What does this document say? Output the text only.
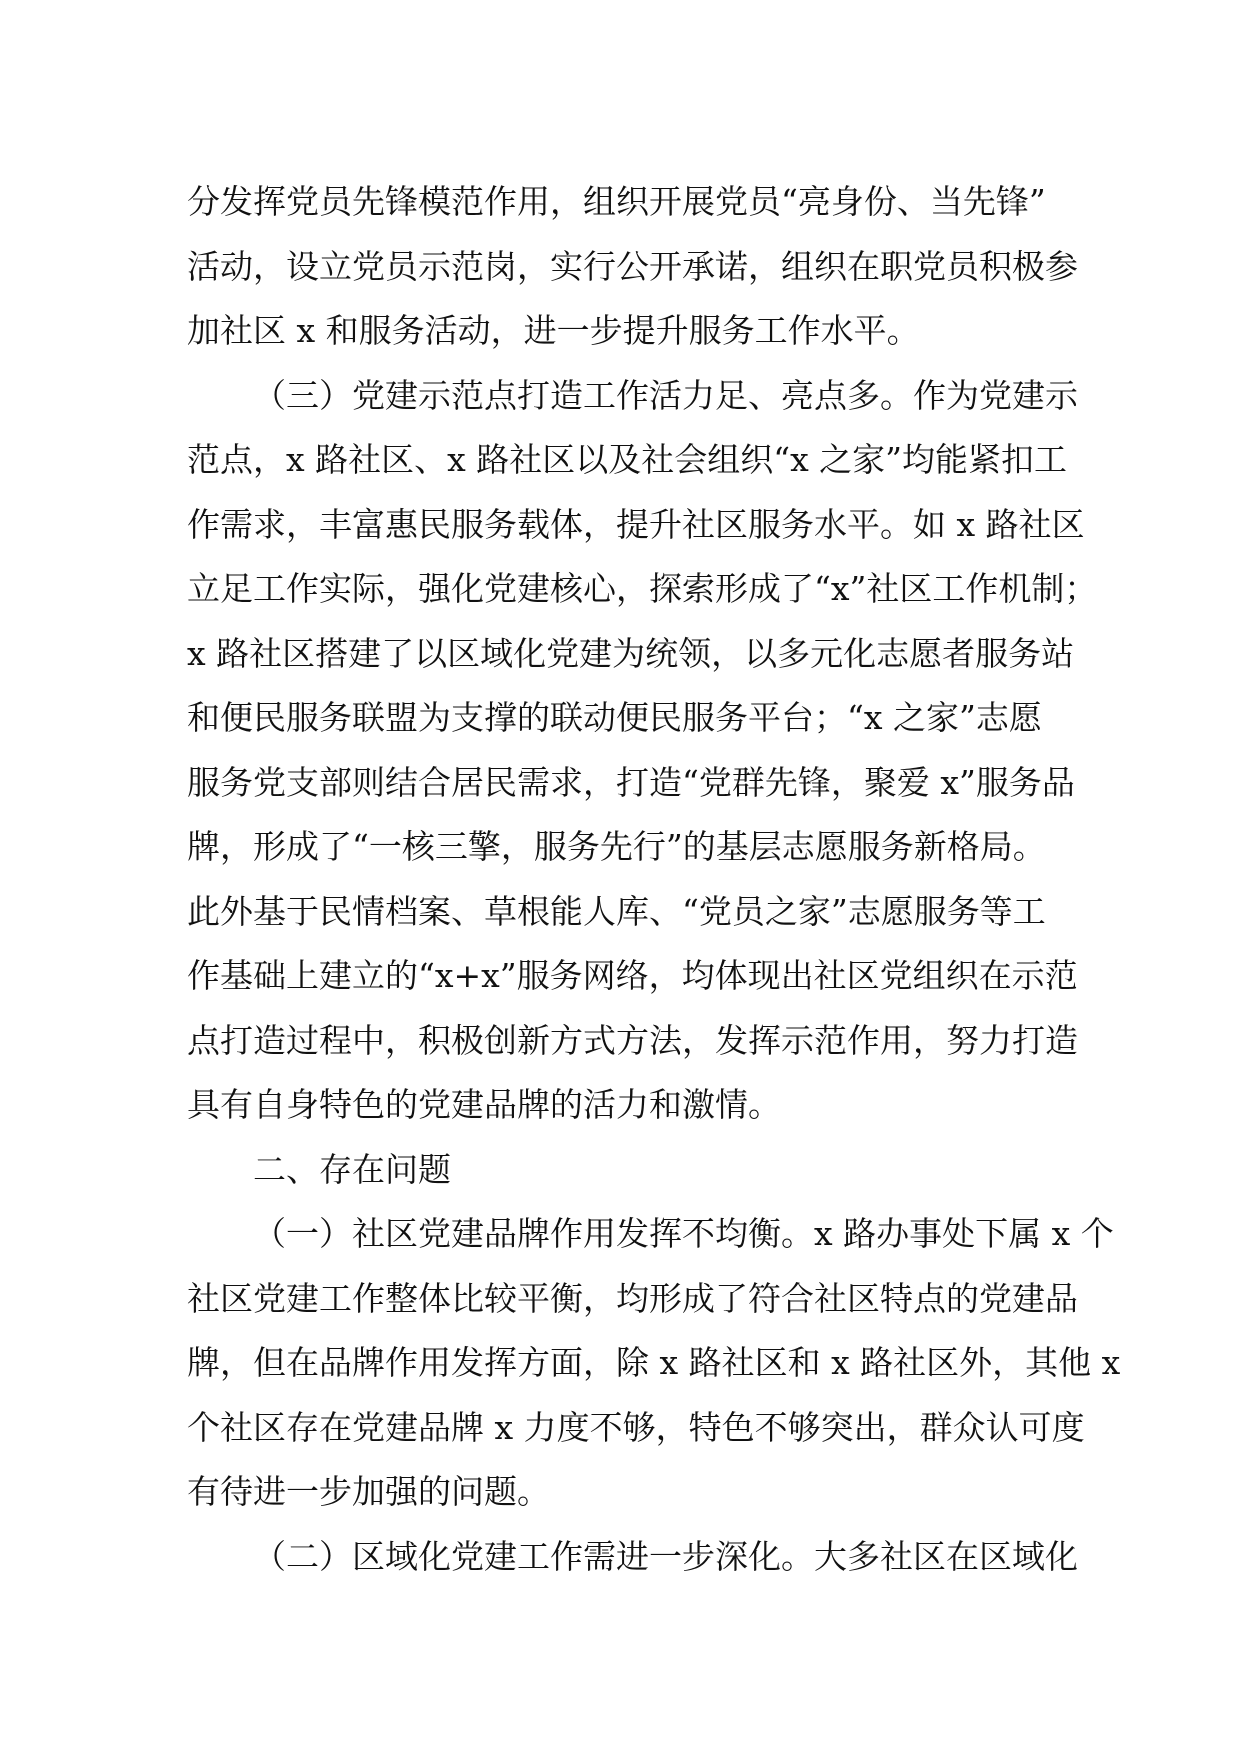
分发挥党员先锋模范作用，组织开展党员“亮身份、当先锋”
活动，设立党员示范岗，实行公开承诺，组织在职党员积极参
加社区 x 和服务活动，进一步提升服务工作水平。
（三）党建示范点打造工作活力足、亮点多。作为党建示
范点，x 路社区、x 路社区以及社会组织“x 之家”均能紧扣工
作需求，丰富惠民服务载体，提升社区服务水平。如 x 路社区
立足工作实际，强化党建核心，探索形成了“x”社区工作机制；
x 路社区搭建了以区域化党建为统领，以多元化志愿者服务站
和便民服务联盟为支撑的联动便民服务平台；“x 之家”志愿
服务党支部则结合居民需求，打造“党群先锋，聚爱 x”服务品
牌，形成了“一核三擎，服务先行”的基层志愿服务新格局。
此外基于民情档案、草根能人库、“党员之家”志愿服务等工
作基础上建立的“x+x”服务网络，均体现出社区党组织在示范
点打造过程中，积极创新方式方法，发挥示范作用，努力打造
具有自身特色的党建品牌的活力和激情。
二、存在问题
（一）社区党建品牌作用发挥不均衡。x 路办事处下属 x 个
社区党建工作整体比较平衡，均形成了符合社区特点的党建品
牌，但在品牌作用发挥方面，除 x 路社区和 x 路社区外，其他 x
个社区存在党建品牌 x 力度不够，特色不够突出，群众认可度
有待进一步加强的问题。
（二）区域化党建工作需进一步深化。大多社区在区域化
